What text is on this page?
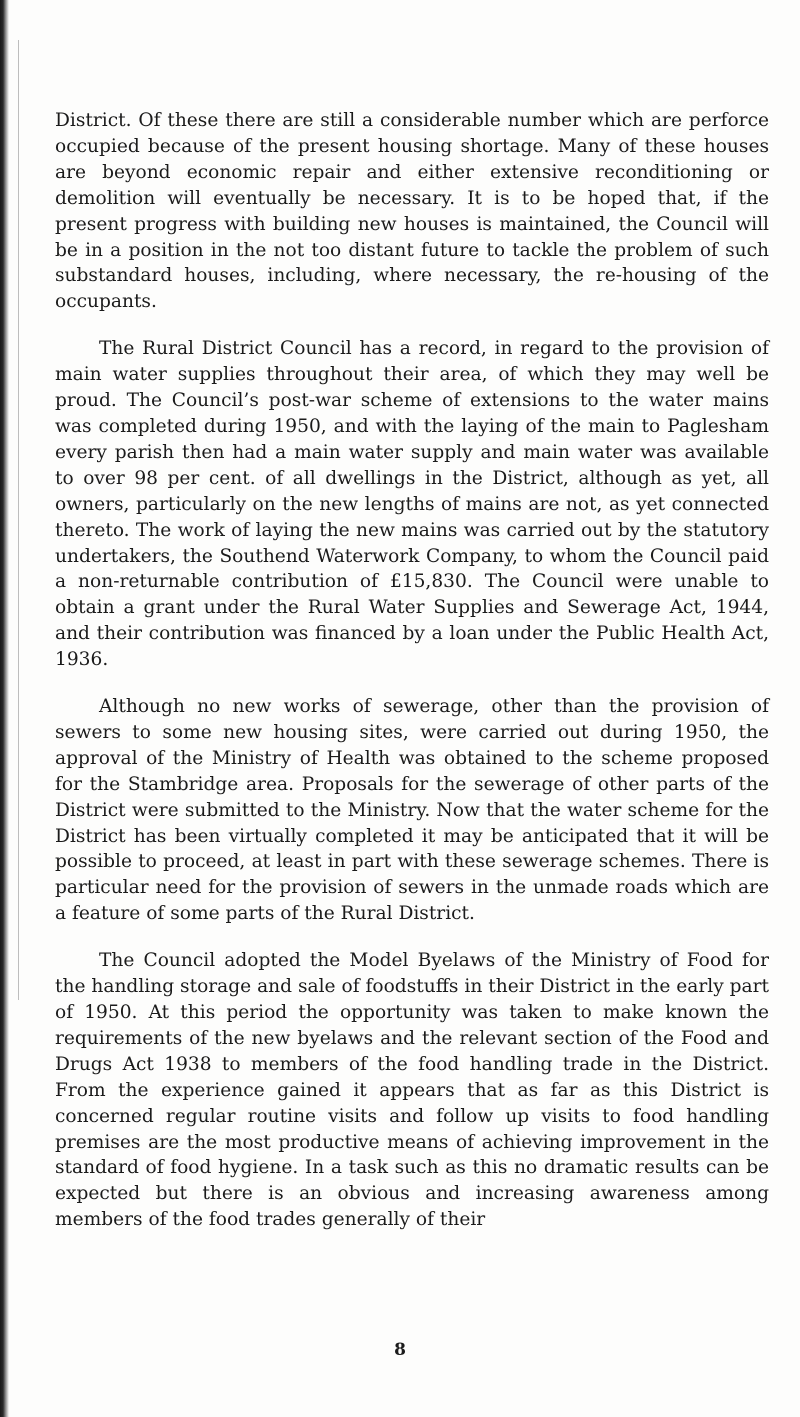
District. Of these there are still a considerable number which are perforce occupied because of the present housing shortage. Many of these houses are beyond economic repair and either extensive reconditioning or demolition will eventually be necessary. It is to be hoped that, if the present progress with building new houses is maintained, the Council will be in a position in the not too distant future to tackle the problem of such substandard houses, including, where necessary, the re-housing of the occupants.

The Rural District Council has a record, in regard to the provision of main water supplies throughout their area, of which they may well be proud. The Council’s post-war scheme of extensions to the water mains was completed during 1950, and with the laying of the main to Paglesham every parish then had a main water supply and main water was available to over 98 per cent. of all dwellings in the District, although as yet, all owners, particularly on the new lengths of mains are not, as yet connected thereto. The work of laying the new mains was carried out by the statutory undertakers, the Southend Waterwork Company, to whom the Council paid a non-returnable contribution of £15,830. The Council were unable to obtain a grant under the Rural Water Supplies and Sewerage Act, 1944, and their contribution was financed by a loan under the Public Health Act, 1936.

Although no new works of sewerage, other than the provision of sewers to some new housing sites, were carried out during 1950, the approval of the Ministry of Health was obtained to the scheme proposed for the Stambridge area. Proposals for the sewerage of other parts of the District were submitted to the Ministry. Now that the water scheme for the District has been virtually completed it may be anticipated that it will be possible to proceed, at least in part with these sewerage schemes. There is particular need for the provision of sewers in the unmade roads which are a feature of some parts of the Rural District.

The Council adopted the Model Byelaws of the Ministry of Food for the handling storage and sale of foodstuffs in their District in the early part of 1950. At this period the opportunity was taken to make known the requirements of the new byelaws and the relevant section of the Food and Drugs Act 1938 to members of the food handling trade in the District. From the experience gained it appears that as far as this District is concerned regular routine visits and follow up visits to food handling premises are the most productive means of achieving improvement in the standard of food hygiene. In a task such as this no dramatic results can be expected but there is an obvious and increasing awareness among members of the food trades generally of their

8
